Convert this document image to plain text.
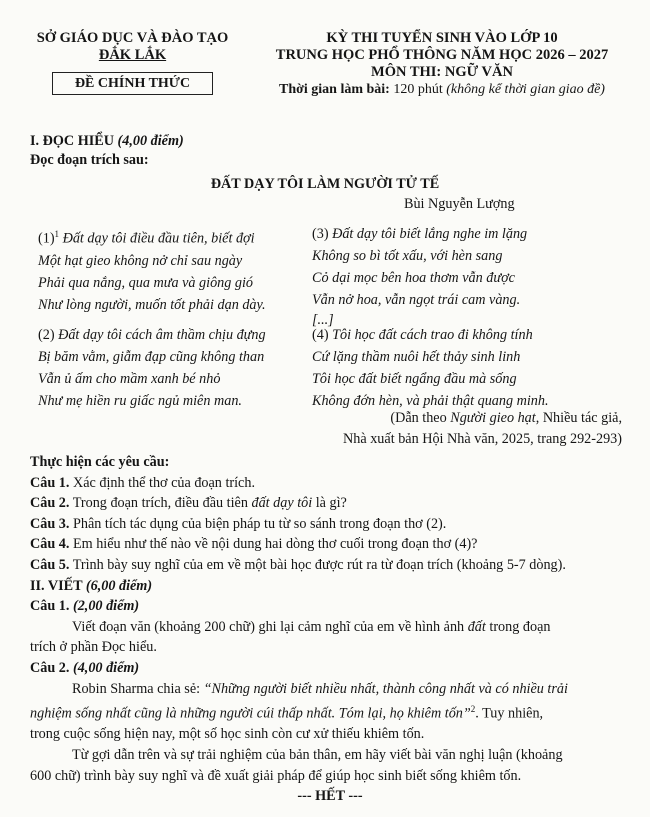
SỞ GIÁO DỤC VÀ ĐÀO TẠO
ĐẮK LẮK
ĐỀ CHÍNH THỨC
KỲ THI TUYỂN SINH VÀO LỚP 10
TRUNG HỌC PHỔ THÔNG NĂM HỌC 2026 – 2027
MÔN THI: NGỮ VĂN
Thời gian làm bài: 120 phút (không kể thời gian giao đề)
I. ĐỌC HIỂU (4,00 điểm)
Đọc đoạn trích sau:
ĐẤT DẠY TÔI LÀM NGƯỜI TỬ TẾ
Bùi Nguyễn Lượng
$(1)^1$ Đất dạy tôi điều đầu tiên, biết đợi
Một hạt gieo không nở chỉ sau ngày
Phải qua nắng, qua mưa và giông gió
Như lòng người, muốn tốt phải dạn dày.
(2) Đất dạy tôi cách âm thầm chịu đựng
Bị băm vằm, giẫm đạp cũng không than
Vẫn ủ ấm cho mầm xanh bé nhỏ
Như mẹ hiền ru giấc ngủ miên man.
(3) Đất dạy tôi biết lắng nghe im lặng
Không so bì tốt xấu, với hèn sang
Cỏ dại mọc bên hoa thơm vẫn được
Vẫn nở hoa, vẫn ngọt trái cam vàng.
[...]
(4) Tôi học đất cách trao đi không tính
Cứ lặng thầm nuôi hết thảy sinh linh
Tôi học đất biết ngẩng đầu mà sống
Không đớn hèn, và phải thật quang minh.
(Dẫn theo Người gieo hạt, Nhiều tác giả,
Nhà xuất bản Hội Nhà văn, 2025, trang 292-293)
Thực hiện các yêu cầu:
Câu 1. Xác định thể thơ của đoạn trích.
Câu 2. Trong đoạn trích, điều đầu tiên đất dạy tôi là gì?
Câu 3. Phân tích tác dụng của biện pháp tu từ so sánh trong đoạn thơ (2).
Câu 4. Em hiểu như thế nào về nội dung hai dòng thơ cuối trong đoạn thơ (4)?
Câu 5. Trình bày suy nghĩ của em về một bài học được rút ra từ đoạn trích (khoảng 5-7 dòng).
II. VIẾT (6,00 điểm)
Câu 1. (2,00 điểm)
Viết đoạn văn (khoảng 200 chữ) ghi lại cảm nghĩ của em về hình ảnh đất trong đoạn
trích ở phần Đọc hiểu.
Câu 2. (4,00 điểm)
Robin Sharma chia sẻ: “Những người biết nhiều nhất, thành công nhất và có nhiều trải
nghiệm sống nhất cũng là những người cúi thấp nhất. Tóm lại, họ khiêm tốn”$^2$. Tuy nhiên,
trong cuộc sống hiện nay, một số học sinh còn cư xử thiếu khiêm tốn.
Từ gợi dẫn trên và sự trải nghiệm của bản thân, em hãy viết bài văn nghị luận (khoảng
600 chữ) trình bày suy nghĩ và đề xuất giải pháp để giúp học sinh biết sống khiêm tốn.
--- HẾT ---
